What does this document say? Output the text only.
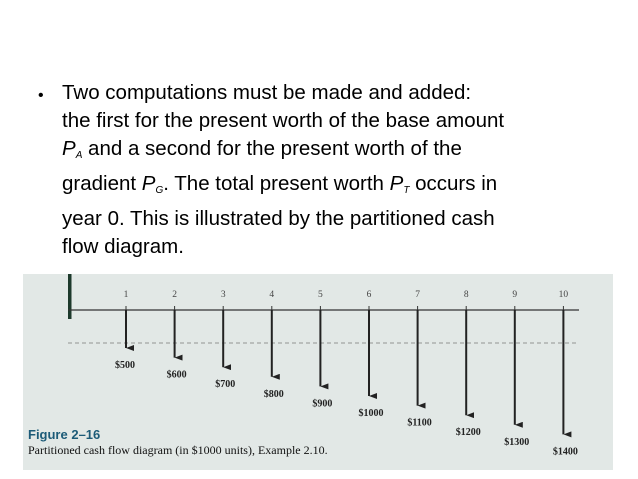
• Two computations must be made and added:
the first for the present worth of the base amount
$P_A$ and a second for the present worth of the
gradient $P_G$. The total present worth $P_T$ occurs in
year 0. This is illustrated by the partitioned cash
flow diagram.
1
$500
2
$600
3
$700
4
$800
5
$900
6
$1000
7
$1100
8
$1200
9
$1300
10
$1400
Figure 2–16
Partitioned cash flow diagram (in $1000 units), Example 2.10.
